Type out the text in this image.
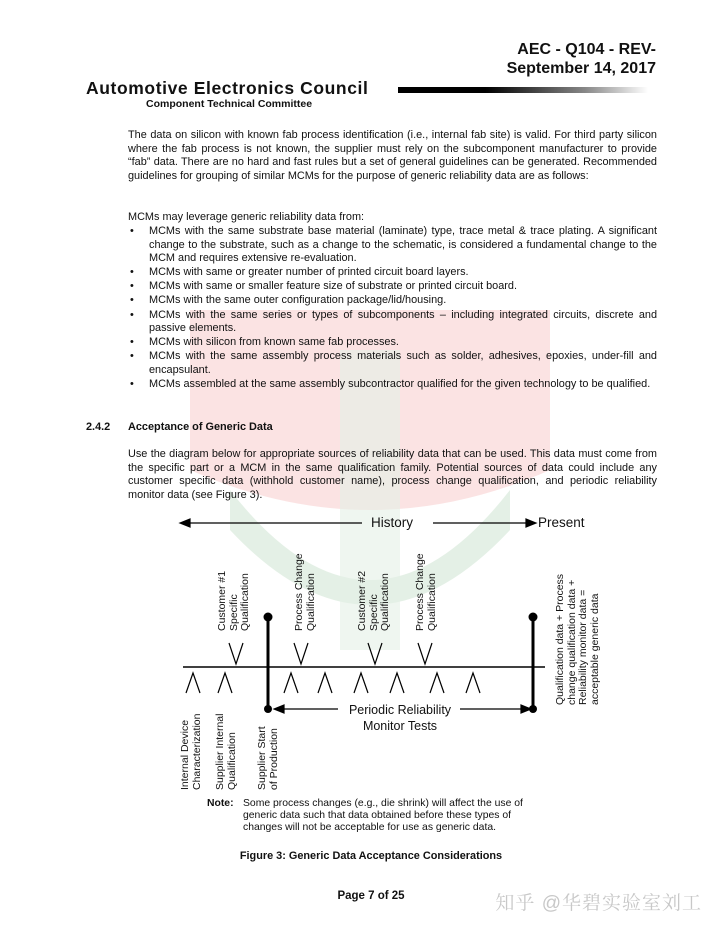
AEC - Q104 - REV-
September 14, 2017
Automotive Electronics Council
Component Technical Committee
The data on silicon with known fab process identification (i.e., internal fab site) is valid. For third party silicon where the fab process is not known, the supplier must rely on the subcomponent manufacturer to provide “fab” data. There are no hard and fast rules but a set of general guidelines can be generated. Recommended guidelines for grouping of similar MCMs for the purpose of generic reliability data are as follows:
MCMs may leverage generic reliability data from:
• MCMs with the same substrate base material (laminate) type, trace metal & trace plating. A significant change to the substrate, such as a change to the schematic, is considered a fundamental change to the MCM and requires extensive re-evaluation.
• MCMs with same or greater number of printed circuit board layers.
• MCMs with same or smaller feature size of substrate or printed circuit board.
• MCMs with the same outer configuration package/lid/housing.
• MCMs with the same series or types of subcomponents – including integrated circuits, discrete and passive elements.
• MCMs with silicon from known same fab processes.
• MCMs with the same assembly process materials such as solder, adhesives, epoxies, under-fill and encapsulant.
• MCMs assembled at the same assembly subcontractor qualified for the given technology to be qualified.
2.4.2 Acceptance of Generic Data
Use the diagram below for appropriate sources of reliability data that can be used. This data must come from the specific part or a MCM in the same qualification family. Potential sources of data could include any customer specific data (withhold customer name), process change qualification, and periodic reliability monitor data (see Figure 3).
History	Present
Customer #1 Specific Qualification	Process Change Qualification	Customer #2 Specific Qualification Process Change Qualification	Qualification data + Process change qualification data + Reliability monitor data = acceptable generic data
Internal Device Characterization Supplier Internal Qualification Supplier Start of Production
Periodic Reliability
Monitor Tests
Note: Some process changes (e.g., die shrink) will affect the use of generic data such that data obtained before these types of changes will not be acceptable for use as generic data.
Figure 3: Generic Data Acceptance Considerations
Page 7 of 25	知乎 @华碧实验室刘工
